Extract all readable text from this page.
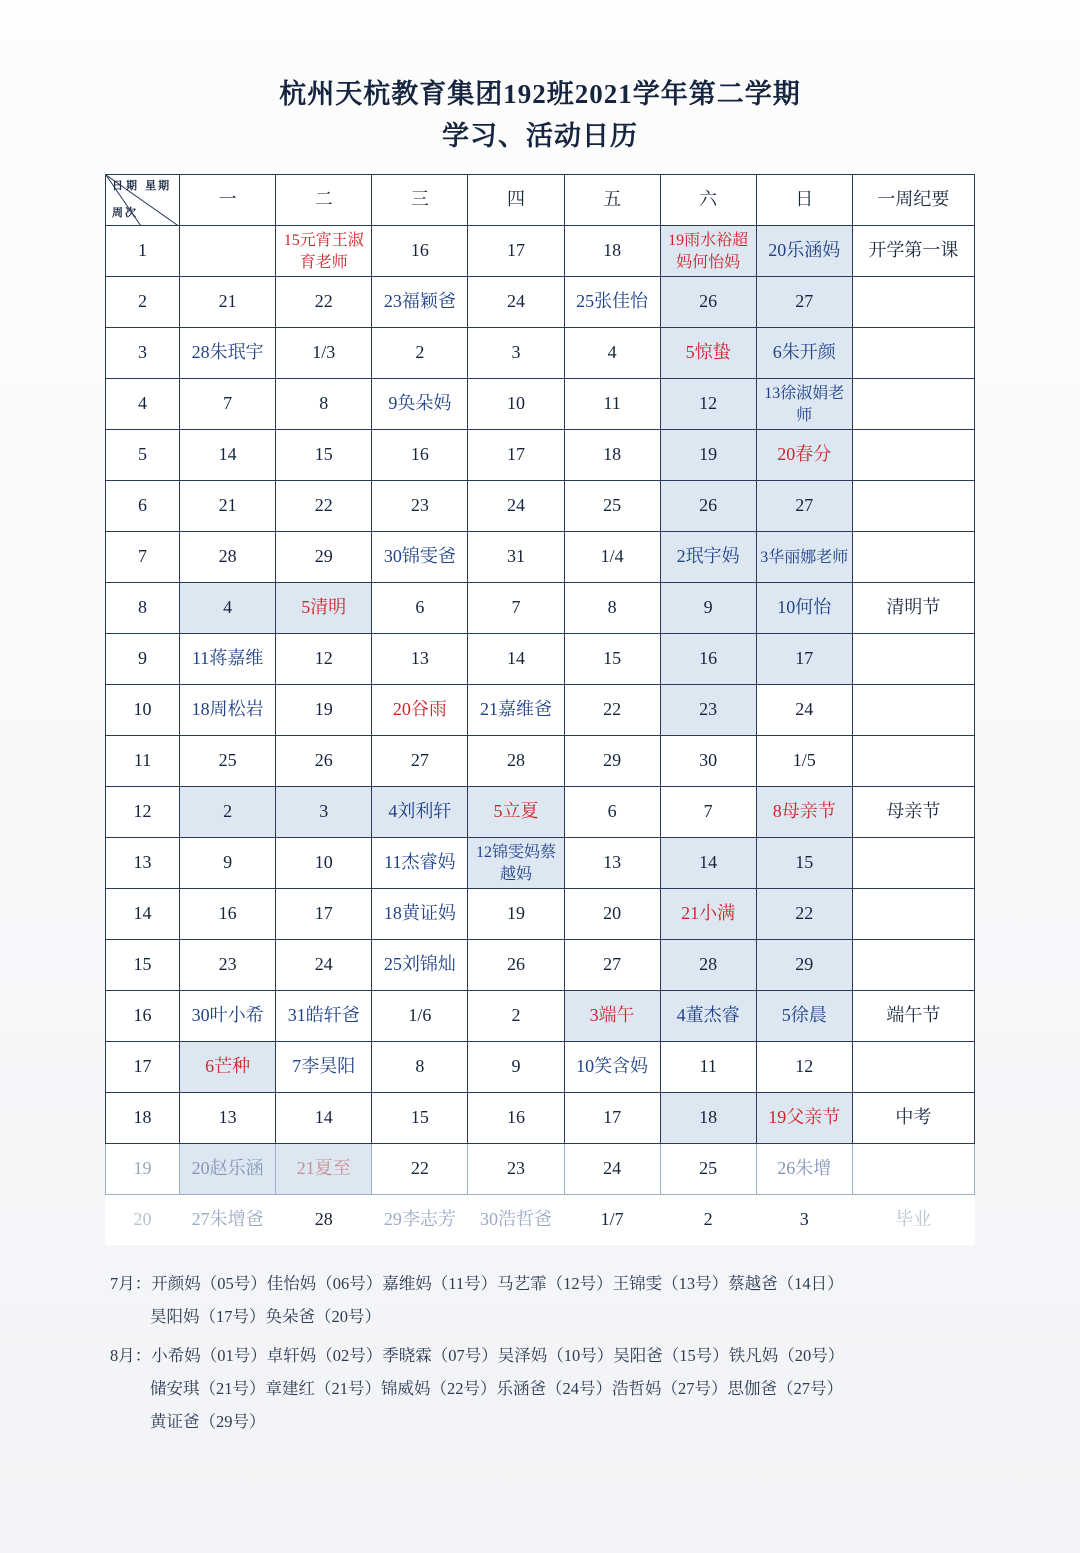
杭州天杭教育集团192班2021学年第二学期
学习、活动日历
日期 星期
周次	一	二	三	四	五	六	日	一周纪要
1		15元宵王淑育老师	16	17	18	19雨水裕超妈何怡妈	20乐涵妈	开学第一课
2	21	22	23福颖爸	24	25张佳怡	26	27	
3	28朱珉宇	1/3	2	3	4	5惊蛰	6朱开颜	
4	7	8	9奂朵妈	10	11	12	13徐淑娟老师	
5	14	15	16	17	18	19	20春分	
6	21	22	23	24	25	26	27	
7	28	29	30锦雯爸	31	1/4	2珉宇妈	3华丽娜老师	
8	4	5清明	6	7	8	9	10何怡	清明节
9	11蒋嘉维	12	13	14	15	16	17	
10	18周松岩	19	20谷雨	21嘉维爸	22	23	24	
11	25	26	27	28	29	30	1/5	
12	2	3	4刘利轩	5立夏	6	7	8母亲节	母亲节
13	9	10	11杰睿妈	12锦雯妈蔡越妈	13	14	15	
14	16	17	18黄证妈	19	20	21小满	22	
15	23	24	25刘锦灿	26	27	28	29	
16	30叶小希	31皓轩爸	1/6	2	3端午	4董杰睿	5徐晨	端午节
17	6芒种	7李昊阳	8	9	10笑含妈	11	12	
18	13	14	15	16	17	18	19父亲节	中考
19	20赵乐涵	21夏至	22	23	24	25	26朱增	
20	27朱增爸	28	29李志芳	30浩哲爸	1/7	2	3	毕业
7月：开颜妈（05号）佳怡妈（06号）嘉维妈（11号）马艺霏（12号）王锦雯（13号）蔡越爸（14日）
昊阳妈（17号）奂朵爸（20号）
8月：小希妈（01号）卓轩妈（02号）季晓霖（07号）吴泽妈（10号）吴阳爸（15号）铁凡妈（20号）
储安琪（21号）章建红（21号）锦威妈（22号）乐涵爸（24号）浩哲妈（27号）思伽爸（27号）
黄证爸（29号）
